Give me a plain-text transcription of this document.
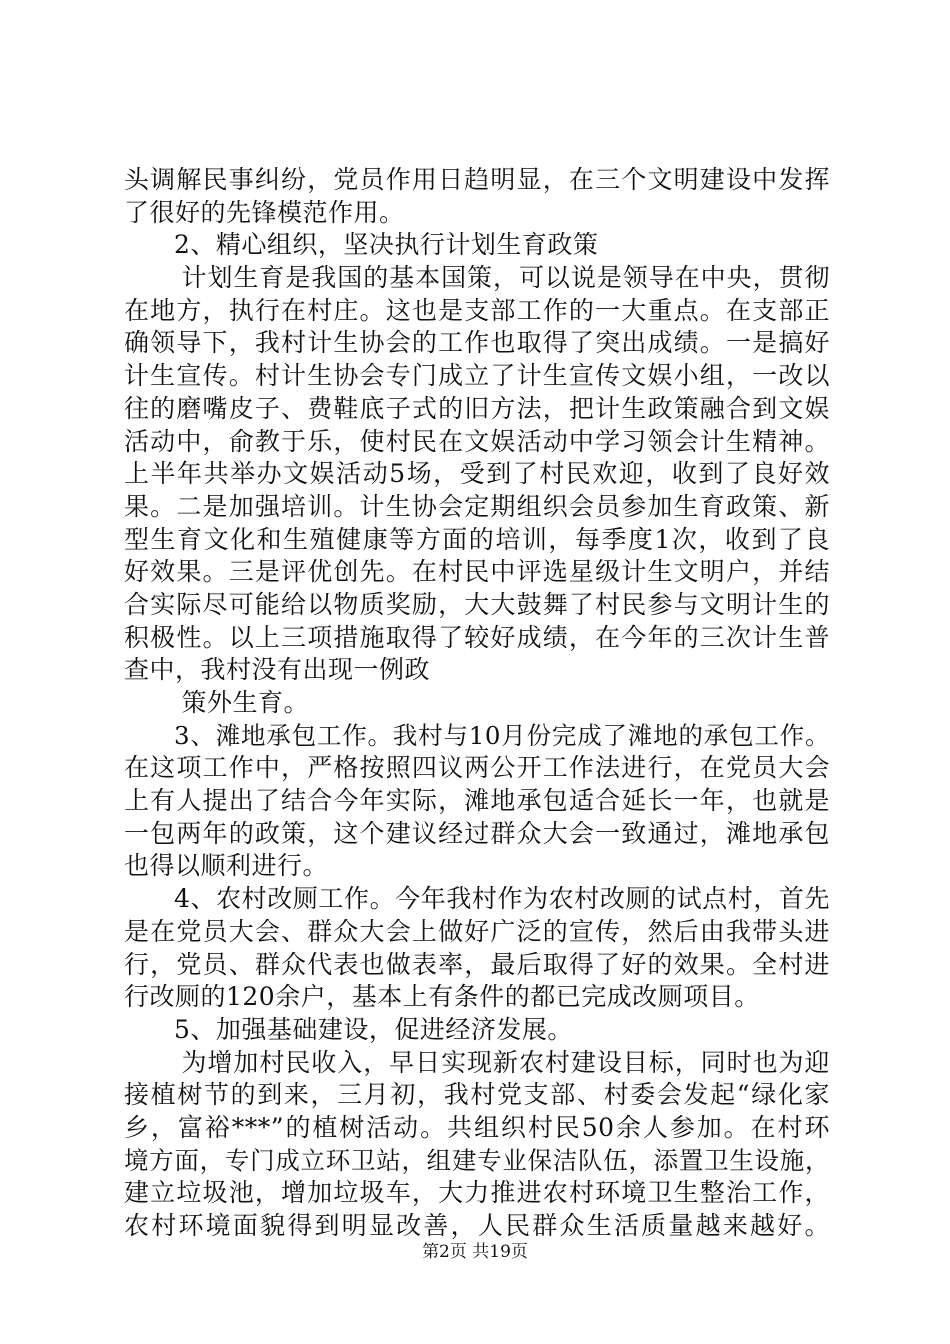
头调解民事纠纷，党员作用日趋明显，在三个文明建设中发挥
了很好的先锋模范作用。
2、精心组织，坚决执行计划生育政策
计划生育是我国的基本国策，可以说是领导在中央，贯彻
在地方，执行在村庄。这也是支部工作的一大重点。在支部正
确领导下，我村计生协会的工作也取得了突出成绩。一是搞好
计生宣传。村计生协会专门成立了计生宣传文娱小组，一改以
往的磨嘴皮子、费鞋底子式的旧方法，把计生政策融合到文娱
活动中，俞教于乐，使村民在文娱活动中学习领会计生精神。
上半年共举办文娱活动5场，受到了村民欢迎，收到了良好效
果。二是加强培训。计生协会定期组织会员参加生育政策、新
型生育文化和生殖健康等方面的培训，每季度1次，收到了良
好效果。三是评优创先。在村民中评选星级计生文明户，并结
合实际尽可能给以物质奖励，大大鼓舞了村民参与文明计生的
积极性。以上三项措施取得了较好成绩，在今年的三次计生普
查中，我村没有出现一例政
策外生育。
3、滩地承包工作。我村与10月份完成了滩地的承包工作。
在这项工作中，严格按照四议两公开工作法进行，在党员大会
上有人提出了结合今年实际，滩地承包适合延长一年，也就是
一包两年的政策，这个建议经过群众大会一致通过，滩地承包
也得以顺利进行。
4、农村改厕工作。今年我村作为农村改厕的试点村，首先
是在党员大会、群众大会上做好广泛的宣传，然后由我带头进
行，党员、群众代表也做表率，最后取得了好的效果。全村进
行改厕的120余户，基本上有条件的都已完成改厕项目。
5、加强基础建设，促进经济发展。
为增加村民收入，早日实现新农村建设目标，同时也为迎
接植树节的到来，三月初，我村党支部、村委会发起“绿化家
乡，富裕***”的植树活动。共组织村民50余人参加。在村环
境方面，专门成立环卫站，组建专业保洁队伍，添置卫生设施，
建立垃圾池，增加垃圾车，大力推进农村环境卫生整治工作，
农村环境面貌得到明显改善，人民群众生活质量越来越好。
第2页 共19页
